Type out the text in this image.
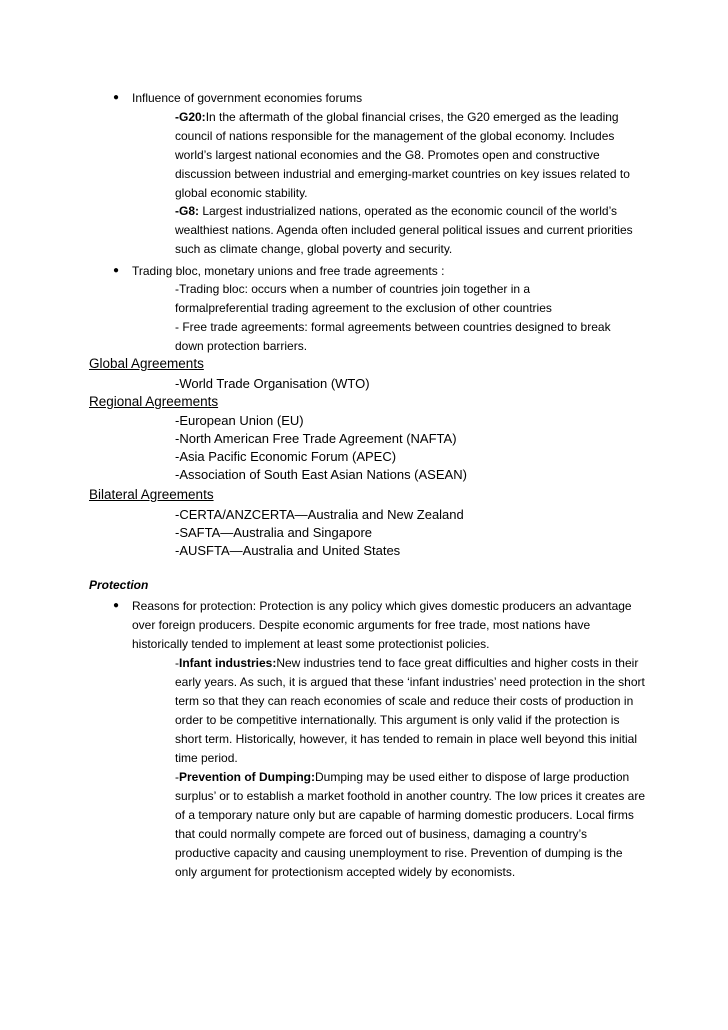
● Influence of government economies forums

-G20:In the aftermath of the global financial crises, the G20 emerged as the leading council of nations responsible for the management of the global economy. Includes world’s largest national economies and the G8. Promotes open and constructive discussion between industrial and emerging-market countries on key issues related to global economic stability.

-G8: Largest industrialized nations, operated as the economic council of the world’s wealthiest nations. Agenda often included general political issues and current priorities such as climate change, global poverty and security.

● Trading bloc, monetary unions and free trade agreements :

-Trading bloc: occurs when a number of countries join together in a formalpreferential trading agreement to the exclusion of other countries

- Free trade agreements: formal agreements between countries designed to break down protection barriers.

Global Agreements
-World Trade Organisation (WTO)
Regional Agreements
-European Union (EU)
-North American Free Trade Agreement (NAFTA)
-Asia Pacific Economic Forum (APEC)
-Association of South East Asian Nations (ASEAN)
Bilateral Agreements
-CERTA/ANZCERTA—Australia and New Zealand
-SAFTA—Australia and Singapore
-AUSFTA—Australia and United States
Protection
● Reasons for protection: Protection is any policy which gives domestic producers an advantage over foreign producers. Despite economic arguments for free trade, most nations have historically tended to implement at least some protectionist policies.

-Infant industries:New industries tend to face great difficulties and higher costs in their early years. As such, it is argued that these ‘infant industries’ need protection in the short term so that they can reach economies of scale and reduce their costs of production in order to be competitive internationally. This argument is only valid if the protection is short term. Historically, however, it has tended to remain in place well beyond this initial time period.

-Prevention of Dumping:Dumping may be used either to dispose of large production surplus’ or to establish a market foothold in another country. The low prices it creates are of a temporary nature only but are capable of harming domestic producers. Local firms that could normally compete are forced out of business, damaging a country’s productive capacity and causing unemployment to rise. Prevention of dumping is the only argument for protectionism accepted widely by economists.
